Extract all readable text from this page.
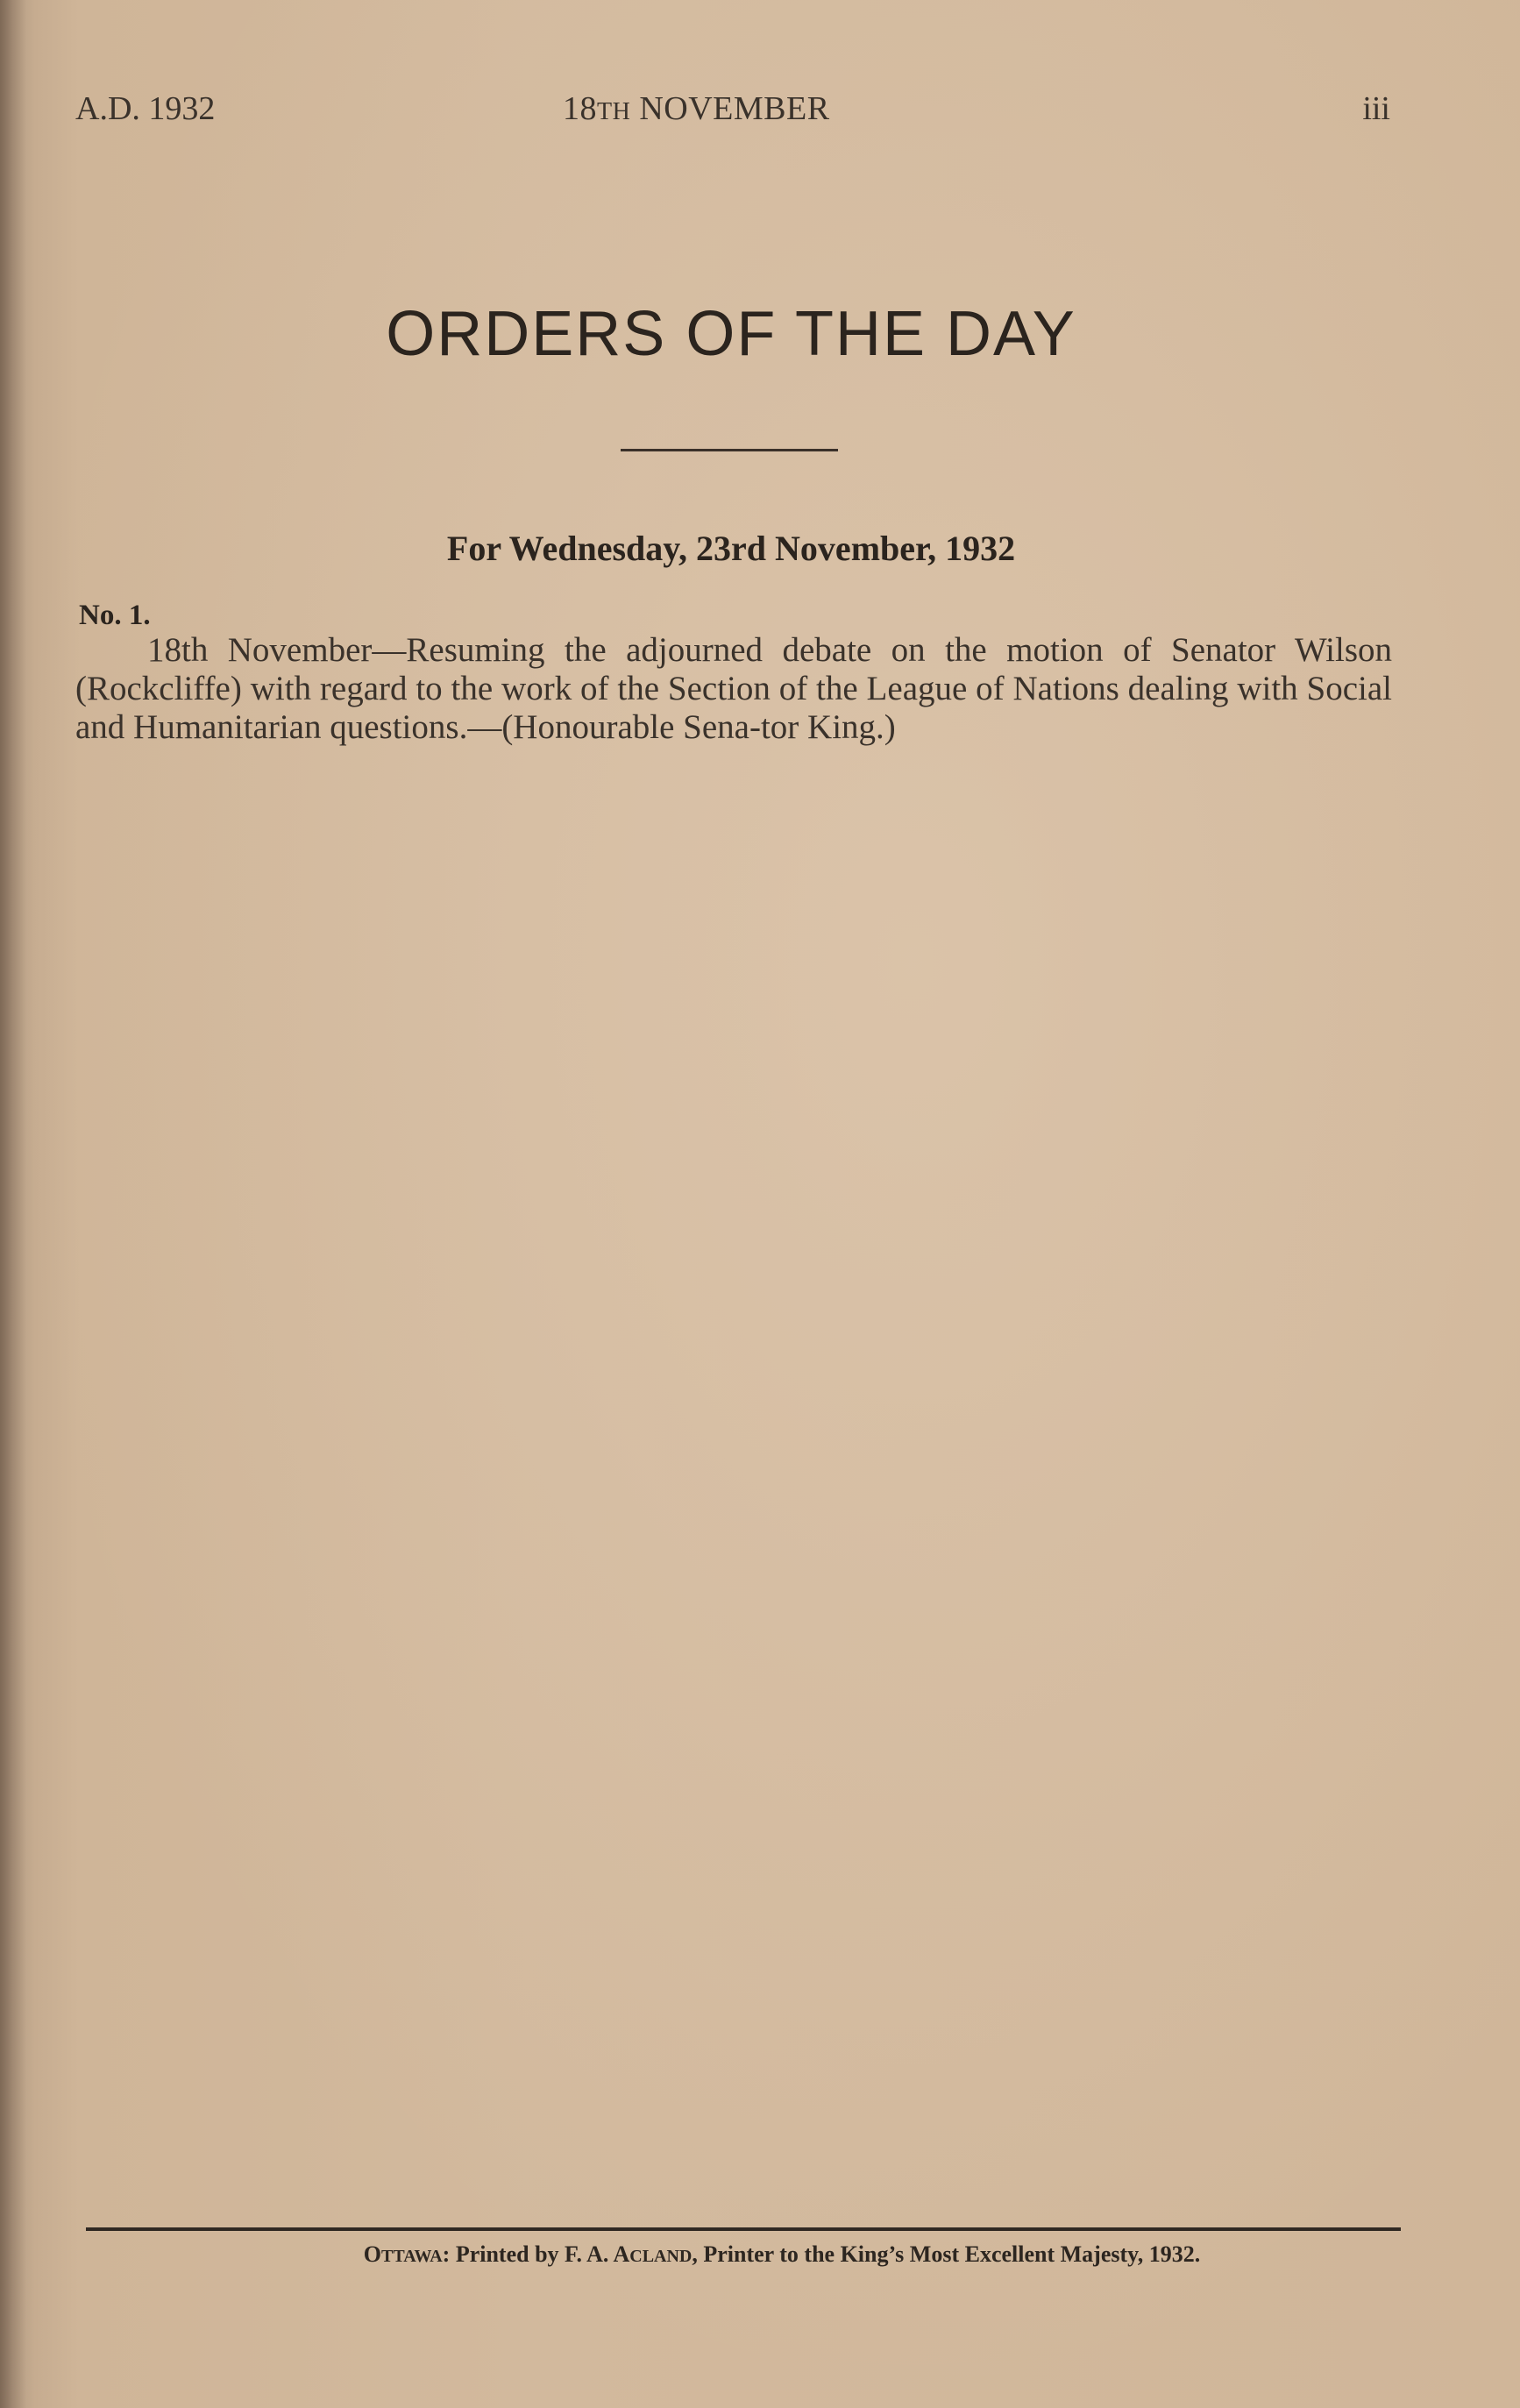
A.D. 1932	18TH NOVEMBER	iii
ORDERS OF THE DAY
For Wednesday, 23rd November, 1932
No. 1.
18th November—Resuming the adjourned debate on the motion of Senator Wilson (Rockcliffe) with regard to the work of the Section of the League of Nations dealing with Social and Humanitarian questions.—(Honourable Sena-tor King.)
OTTAWA: Printed by F. A. ACLAND, Printer to the King’s Most Excellent Majesty, 1932.
